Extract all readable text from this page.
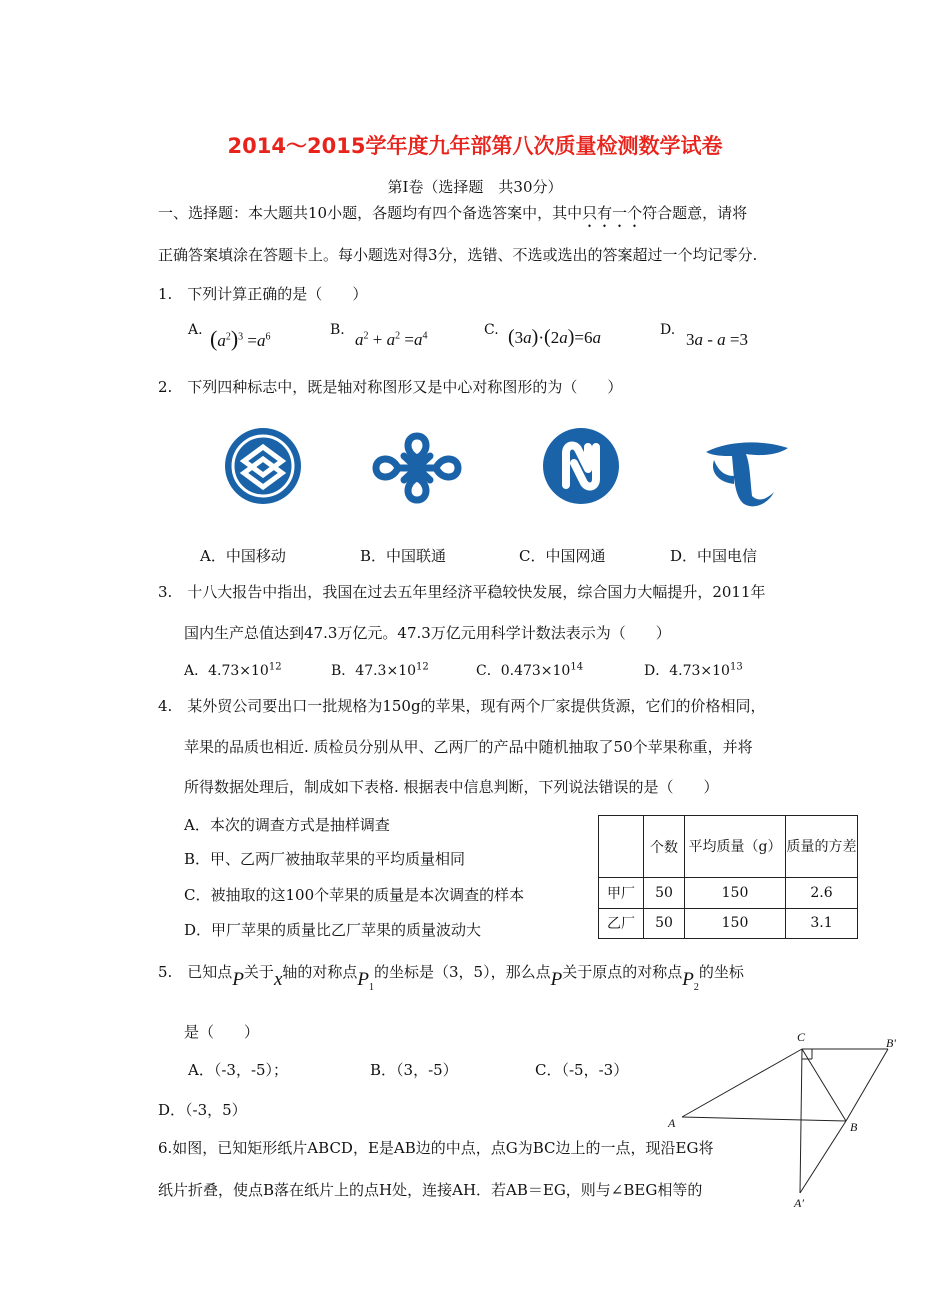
2014～2015学年度九年部第八次质量检测数学试卷
第Ⅰ卷（选择题　共30分）
一、选择题：本大题共10小题，各题均有四个备选答案中，其中只有一个符合题意，请将
正确答案填涂在答题卡上。每小题选对得3分，选错、不选或选出的答案超过一个均记零分.
1.　下列计算正确的是（　　）
A. $(a^2)^3 =a^6$	B. $a^2 + a^2 =a^4$	C. (3a)·(2a)=6a	D. 3a - a =3
2.　下列四种标志中，既是轴对称图形又是中心对称图形的为（　　）
A．中国移动	B．中国联通	C．中国网通	D．中国电信
3.　十八大报告中指出，我国在过去五年里经济平稳较快发展，综合国力大幅提升，2011年
国内生产总值达到47.3万亿元。47.3万亿元用科学计数法表示为（　　）
A．$4.73\times 10^{12}$	B．$47.3\times 10^{12}$	C．$0.473\times 10^{14}$	D．$4.73\times 10^{13}$
4.　某外贸公司要出口一批规格为150g的苹果，现有两个厂家提供货源，它们的价格相同，
苹果的品质也相近. 质检员分别从甲、乙两厂的产品中随机抽取了50个苹果称重，并将
所得数据处理后，制成如下表格. 根据表中信息判断，下列说法错误的是（　　）
A．本次的调查方式是抽样调查
B．甲、乙两厂被抽取苹果的平均质量相同
C．被抽取的这100个苹果的质量是本次调查的样本
D．甲厂苹果的质量比乙厂苹果的质量波动大
	个数	平均质量（g）	质量的方差
甲厂	50	150	2.6
乙厂	50	150	3.1
5.　已知点P关于x轴的对称点$P_1$的坐标是（3，5），那么点P关于原点的对称点$P_2$的坐标
是（　　）
A．（-3，-5）；	B．（3，-5）	C．（-5，-3）
D．（-3，5）
6.如图，已知矩形纸片ABCD，E是AB边的中点，点G为BC边上的一点，现沿EG将
纸片折叠，使点B落在纸片上的点H处，连接AH．若AB＝EG，则与∠BEG相等的
C	B′
A	B
A′
